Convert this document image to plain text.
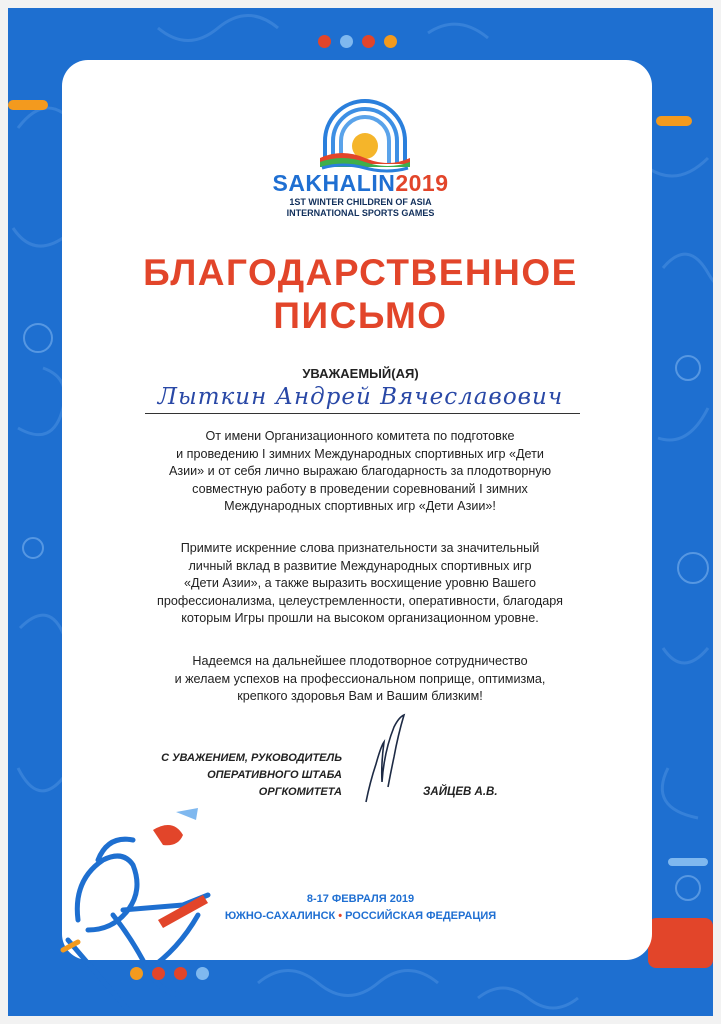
SAKHALIN2019
1ST WINTER CHILDREN OF ASIA
INTERNATIONAL SPORTS GAMES
БЛАГОДАРСТВЕННОЕ
ПИСЬМО
УВАЖАЕМЫЙ(АЯ)
Лыткин Андрей Вячеславович
От имени Организационного комитета по подготовке
и проведению I зимних Международных спортивных игр «Дети
Азии» и от себя лично выражаю благодарность за плодотворную
совместную работу в проведении соревнований I зимних
Международных спортивных игр «Дети Азии»!
Примите искренние слова признательности за значительный
личный вклад в развитие Международных спортивных игр
«Дети Азии», а также выразить восхищение уровню Вашего
профессионализма, целеустремленности, оперативности, благодаря
которым Игры прошли на высоком организационном уровне.
Надеемся на дальнейшее плодотворное сотрудничество
и желаем успехов на профессиональном поприще, оптимизма,
крепкого здоровья Вам и Вашим близким!
С УВАЖЕНИЕМ, РУКОВОДИТЕЛЬ
ОПЕРАТИВНОГО ШТАБА
ОРГКОМИТЕТА	ЗАЙЦЕВ А.В.
8-17 ФЕВРАЛЯ 2019
ЮЖНО-САХАЛИНСК • РОССИЙСКАЯ ФЕДЕРАЦИЯ
